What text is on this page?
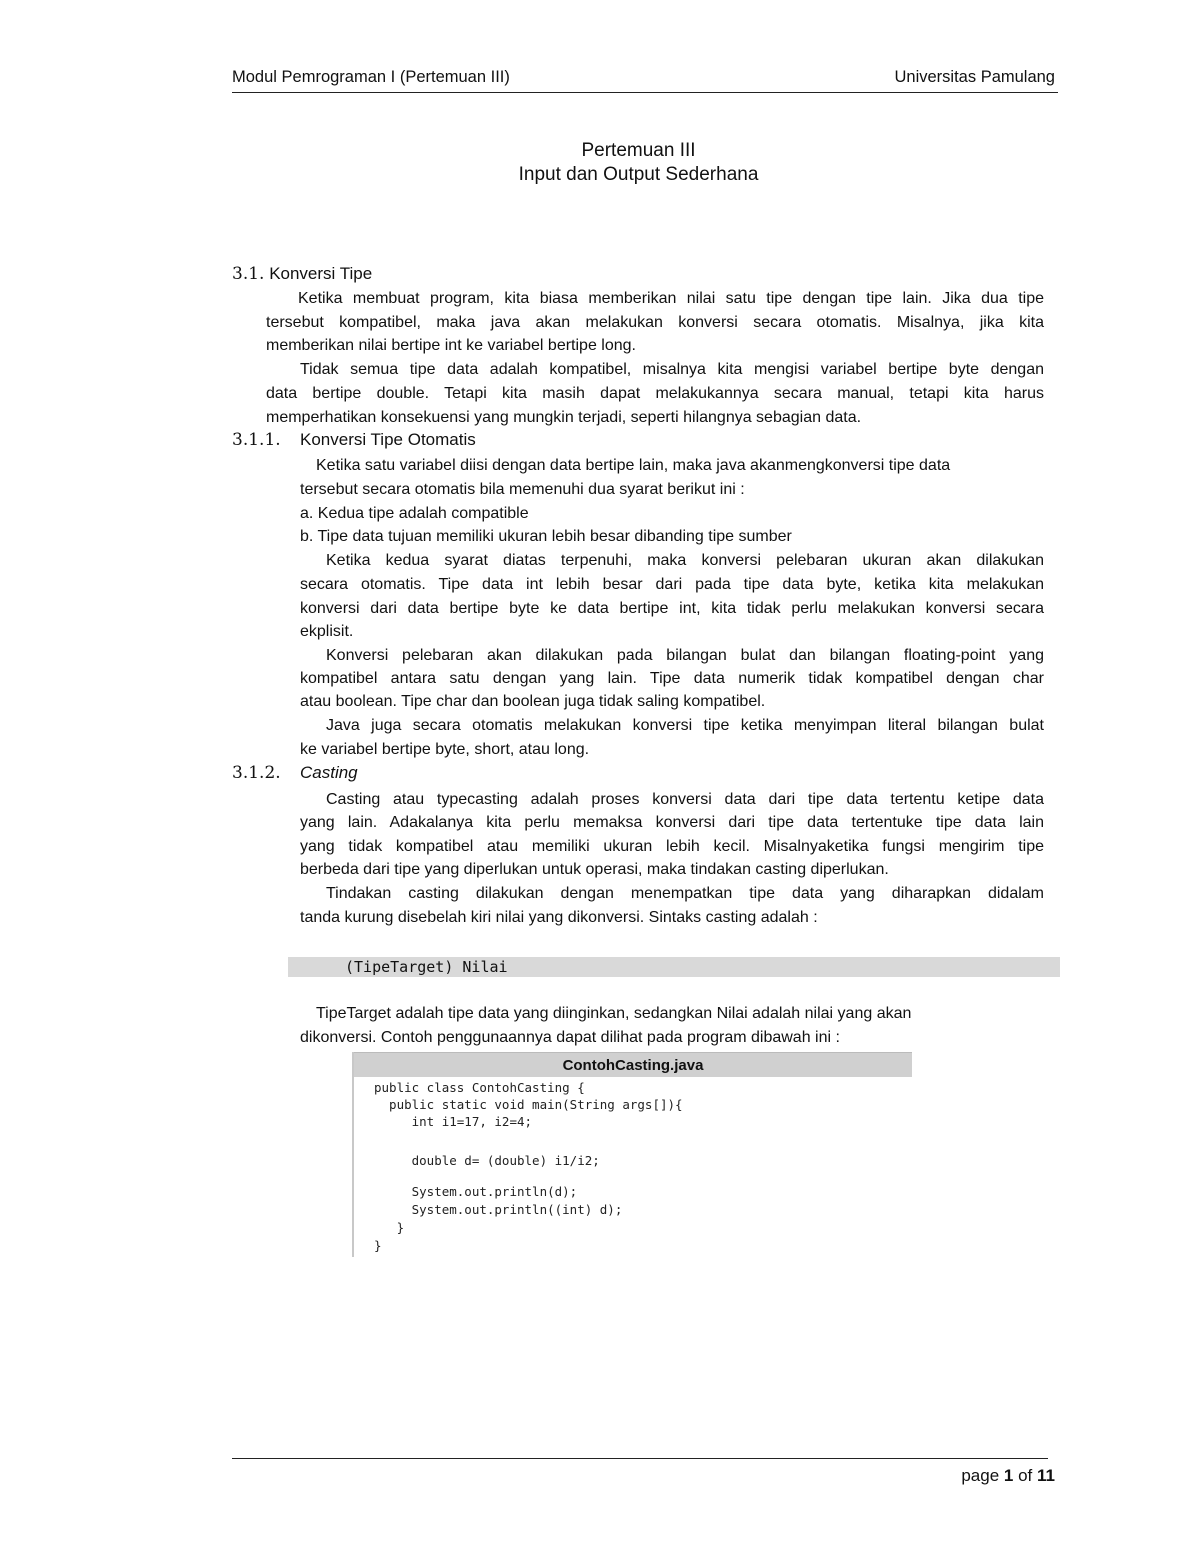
Modul Pemrograman I (Pertemuan III)	Universitas Pamulang
Pertemuan III
Input dan Output Sederhana
3.1. Konversi Tipe
Ketika membuat program, kita biasa memberikan nilai satu tipe dengan tipe lain. Jika dua tipe
tersebut kompatibel, maka java akan melakukan konversi secara otomatis. Misalnya, jika kita
memberikan nilai bertipe int ke variabel bertipe long.
Tidak semua tipe data adalah kompatibel, misalnya kita mengisi variabel bertipe byte dengan
data bertipe double. Tetapi kita masih dapat melakukannya secara manual, tetapi kita harus
memperhatikan konsekuensi yang mungkin terjadi, seperti hilangnya sebagian data.
3.1.1. Konversi Tipe Otomatis
Ketika satu variabel diisi dengan data bertipe lain, maka java akanmengkonversi tipe data
tersebut secara otomatis bila memenuhi dua syarat berikut ini :
a. Kedua tipe adalah compatible
b. Tipe data tujuan memiliki ukuran lebih besar dibanding tipe sumber
Ketika kedua syarat diatas terpenuhi, maka konversi pelebaran ukuran akan dilakukan
secara otomatis. Tipe data int lebih besar dari pada tipe data byte, ketika kita melakukan
konversi dari data bertipe byte ke data bertipe int, kita tidak perlu melakukan konversi secara
ekplisit.
Konversi pelebaran akan dilakukan pada bilangan bulat dan bilangan floating-point yang
kompatibel antara satu dengan yang lain. Tipe data numerik tidak kompatibel dengan char
atau boolean. Tipe char dan boolean juga tidak saling kompatibel.
Java juga secara otomatis melakukan konversi tipe ketika menyimpan literal bilangan bulat
ke variabel bertipe byte, short, atau long.
3.1.2. Casting
Casting atau typecasting adalah proses konversi data dari tipe data tertentu ketipe data
yang lain. Adakalanya kita perlu memaksa konversi dari tipe data tertentuke tipe data lain
yang tidak kompatibel atau memiliki ukuran lebih kecil. Misalnyaketika fungsi mengirim tipe
berbeda dari tipe yang diperlukan untuk operasi, maka tindakan casting diperlukan.
Tindakan casting dilakukan dengan menempatkan tipe data yang diharapkan didalam
tanda kurung disebelah kiri nilai yang dikonversi. Sintaks casting adalah :
(TipeTarget) Nilai
TipeTarget adalah tipe data yang diinginkan, sedangkan Nilai adalah nilai yang akan
dikonversi. Contoh penggunaannya dapat dilihat pada program dibawah ini :
ContohCasting.java
public class ContohCasting {
public static void main(String args[]){
int i1=17, i2=4;
double d= (double) i1/i2;
System.out.println(d);
System.out.println((int) d);
}
}
page 1 of 11
